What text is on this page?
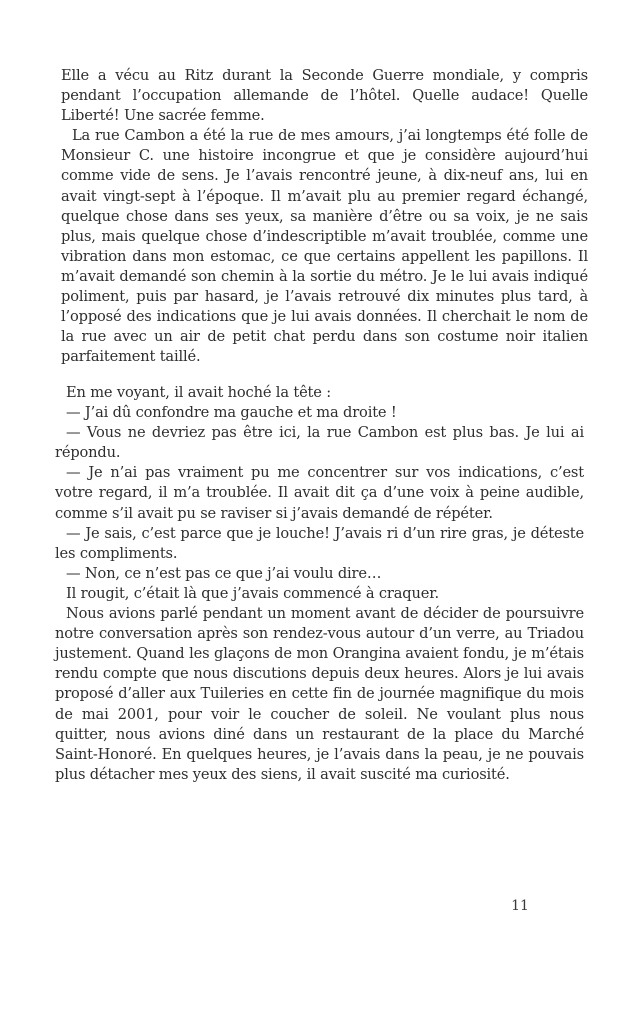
Elle a vécu au Ritz durant la Seconde Guerre mondiale, y compris pendant l’occupation allemande de l’hôtel. Quelle audace! Quelle Liberté! Une sacrée femme.

La rue Cambon a été la rue de mes amours, j’ai longtemps été folle de Monsieur C. une histoire incongrue et que je considère aujourd’hui comme vide de sens. Je l’avais rencontré jeune, à dix-neuf ans, lui en avait vingt-sept à l’époque. Il m’avait plu au premier regard échangé, quelque chose dans ses yeux, sa manière d’être ou sa voix, je ne sais plus, mais quelque chose d’indescriptible m’avait troublée, comme une vibration dans mon estomac, ce que certains appellent les papillons. Il m’avait demandé son chemin à la sortie du métro. Je le lui avais indiqué poliment, puis par hasard, je l’avais retrouvé dix minutes plus tard, à l’opposé des indications que je lui avais données. Il cherchait le nom de la rue avec un air de petit chat perdu dans son costume noir italien parfaitement taillé.

En me voyant, il avait hoché la tête :

— J’ai dû confondre ma gauche et ma droite !

— Vous ne devriez pas être ici, la rue Cambon est plus bas. Je lui ai répondu.

— Je n’ai pas vraiment pu me concentrer sur vos indications, c’est votre regard, il m’a troublée. Il avait dit ça d’une voix à peine audible, comme s’il avait pu se raviser si j’avais demandé de répéter.

— Je sais, c’est parce que je louche! J’avais ri d’un rire gras, je déteste les compliments.

— Non, ce n’est pas ce que j’ai voulu dire…

Il rougit, c’était là que j’avais commencé à craquer.

Nous avions parlé pendant un moment avant de décider de poursuivre notre conversation après son rendez-vous autour d’un verre, au Triadou justement. Quand les glaçons de mon Orangina avaient fondu, je m’étais rendu compte que nous discutions depuis deux heures. Alors je lui avais proposé d’aller aux Tuileries en cette fin de journée magnifique du mois de mai 2001, pour voir le coucher de soleil. Ne voulant plus nous quitter, nous avions diné dans un restaurant de la place du Marché Saint-Honoré. En quelques heures, je l’avais dans la peau, je ne pouvais plus détacher mes yeux des siens, il avait suscité ma curiosité.

11
